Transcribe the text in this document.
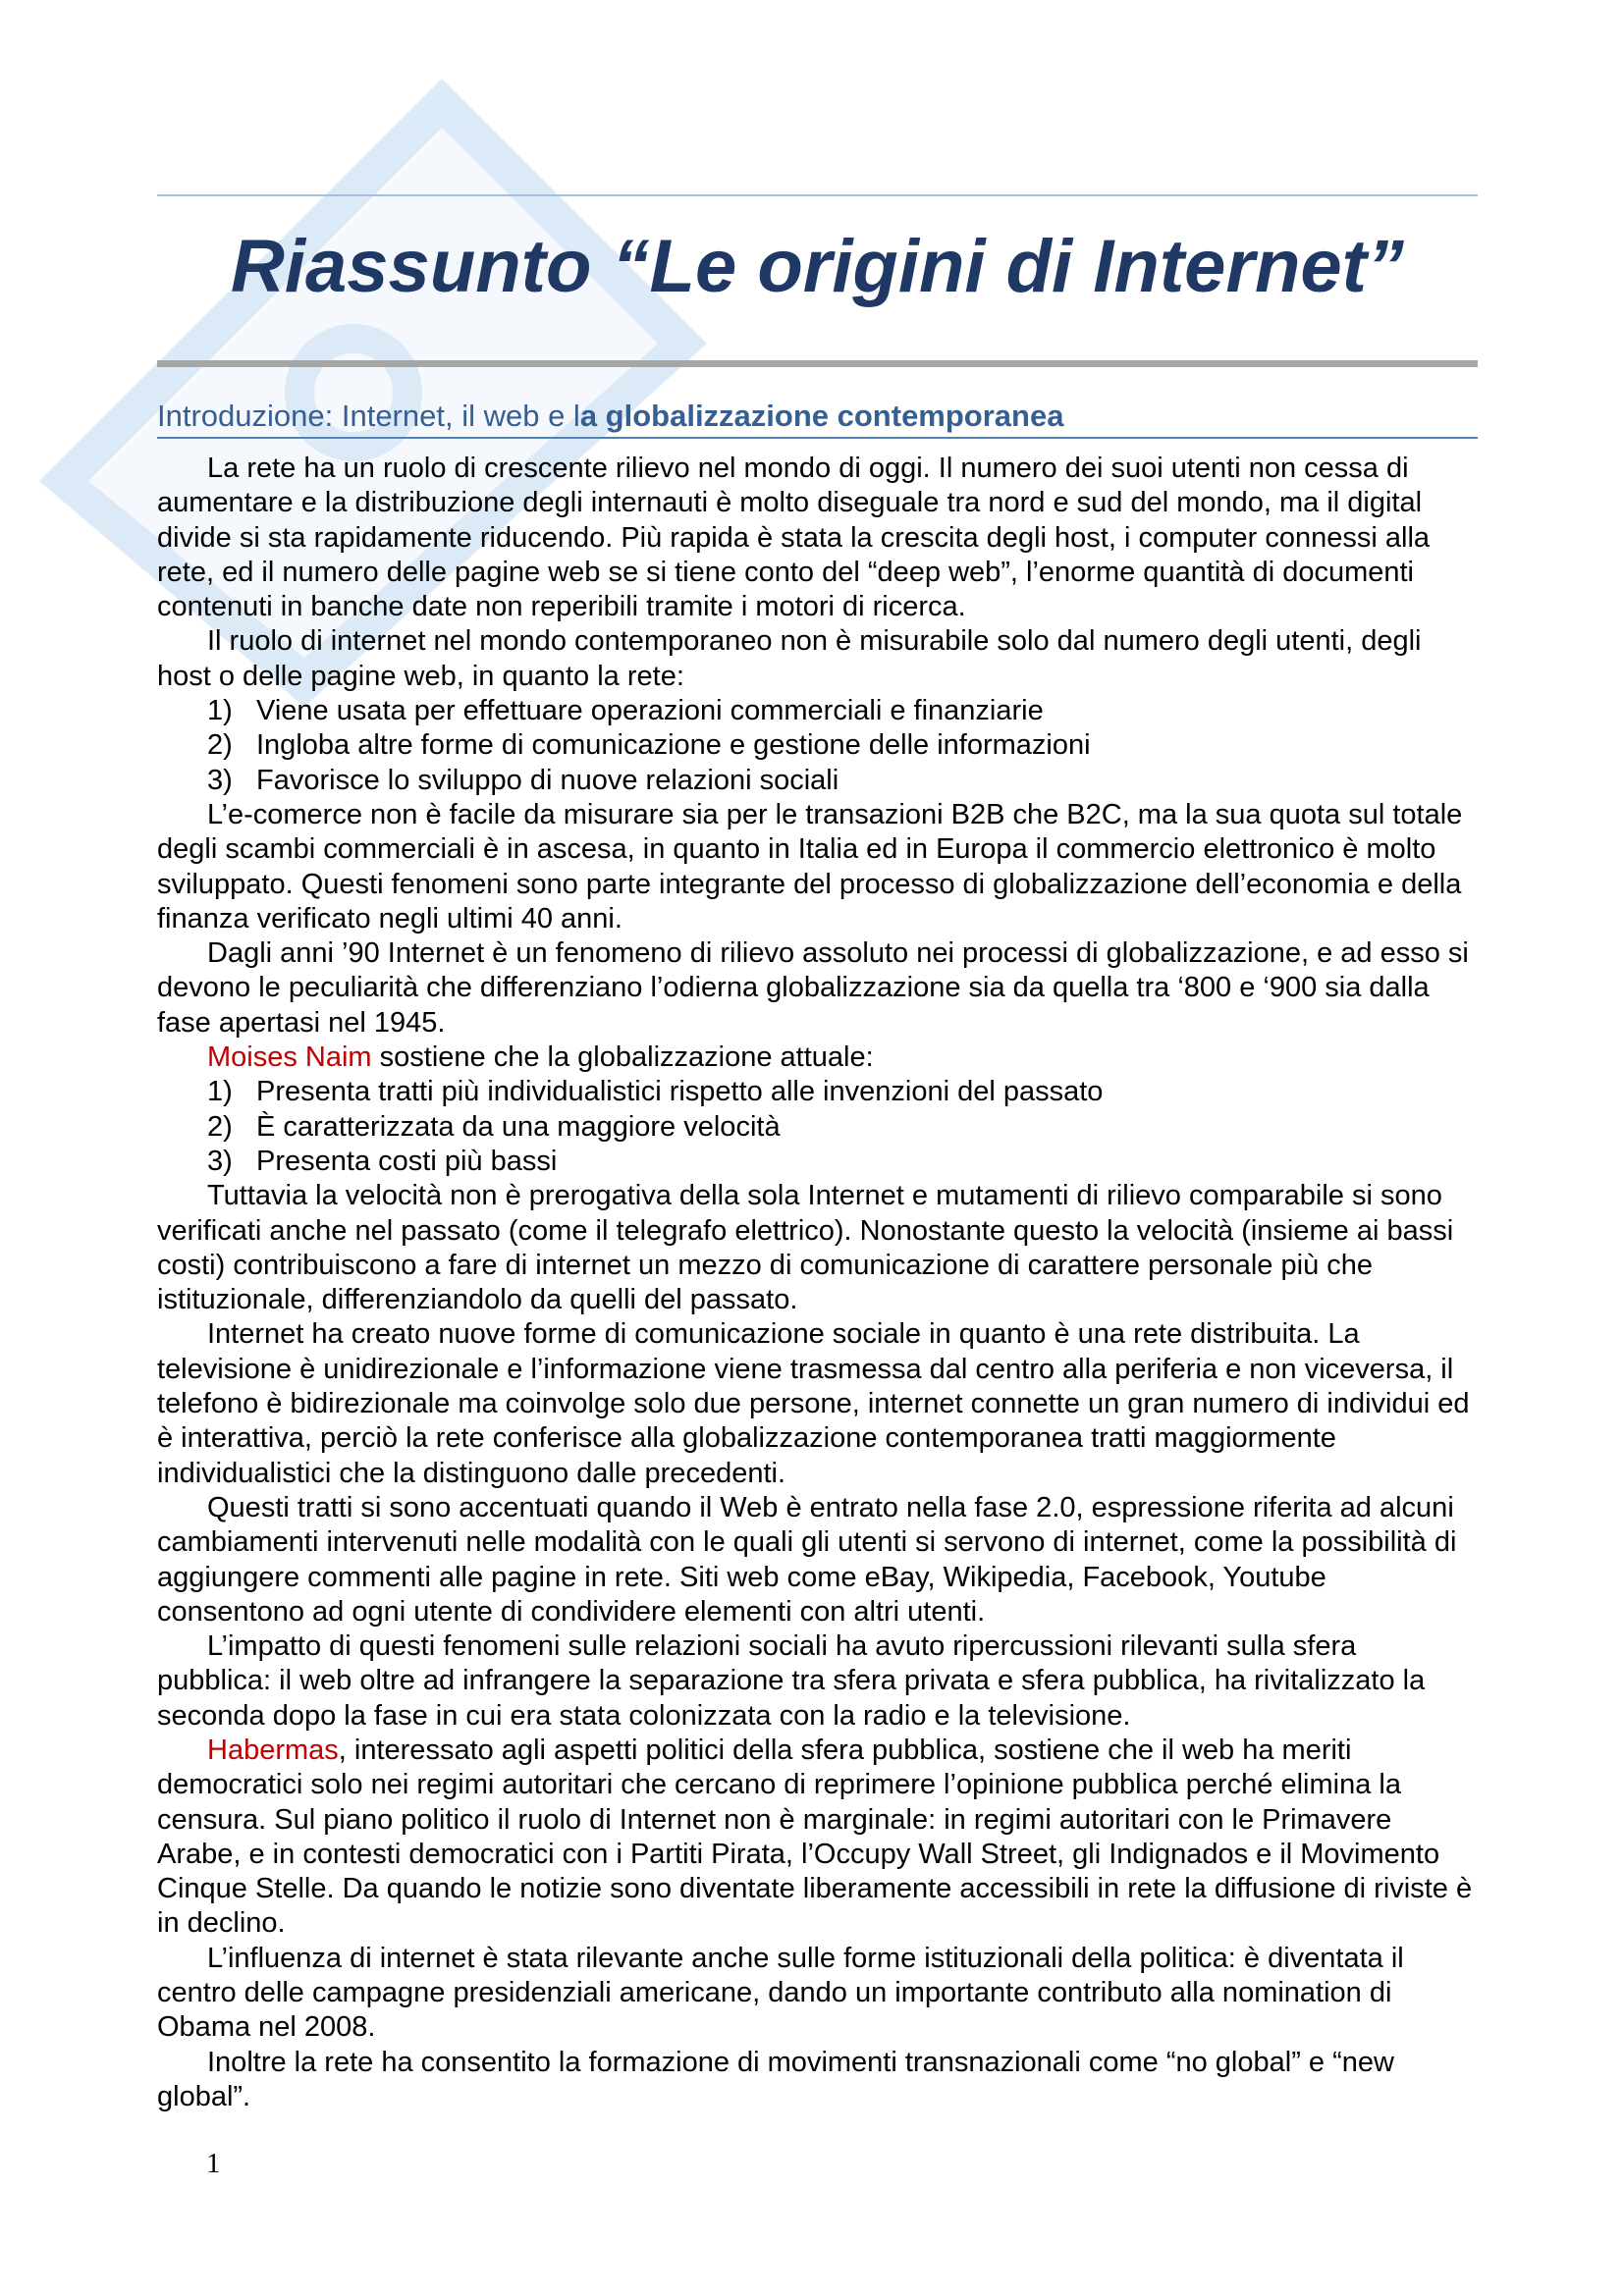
Riassunto “Le origini di Internet”
Introduzione: Internet, il web e la globalizzazione contemporanea

La rete ha un ruolo di crescente rilievo nel mondo di oggi. Il numero dei suoi utenti non cessa di aumentare e la distribuzione degli internauti è molto diseguale tra nord e sud del mondo, ma il digital divide si sta rapidamente riducendo. Più rapida è stata la crescita degli host, i computer connessi alla rete, ed il numero delle pagine web se si tiene conto del “deep web”, l’enorme quantità di documenti contenuti in banche date non reperibili tramite i motori di ricerca.

Il ruolo di internet nel mondo contemporaneo non è misurabile solo dal numero degli utenti, degli host o delle pagine web, in quanto la rete:

1) Viene usata per effettuare operazioni commerciali e finanziarie
2) Ingloba altre forme di comunicazione e gestione delle informazioni
3) Favorisce lo sviluppo di nuove relazioni sociali

L’e-comerce non è facile da misurare sia per le transazioni B2B che B2C, ma la sua quota sul totale degli scambi commerciali è in ascesa, in quanto in Italia ed in Europa il commercio elettronico è molto sviluppato. Questi fenomeni sono parte integrante del processo di globalizzazione dell’economia e della finanza verificato negli ultimi 40 anni.

Dagli anni ’90 Internet è un fenomeno di rilievo assoluto nei processi di globalizzazione, e ad esso si devono le peculiarità che differenziano l’odierna globalizzazione sia da quella tra ‘800 e ‘900 sia dalla fase apertasi nel 1945.

Moises Naim sostiene che la globalizzazione attuale:

1) Presenta tratti più individualistici rispetto alle invenzioni del passato
2) È caratterizzata da una maggiore velocità
3) Presenta costi più bassi

Tuttavia la velocità non è prerogativa della sola Internet e mutamenti di rilievo comparabile si sono verificati anche nel passato (come il telegrafo elettrico). Nonostante questo la velocità (insieme ai bassi costi) contribuiscono a fare di internet un mezzo di comunicazione di carattere personale più che istituzionale, differenziandolo da quelli del passato.

Internet ha creato nuove forme di comunicazione sociale in quanto è una rete distribuita. La televisione è unidirezionale e l’informazione viene trasmessa dal centro alla periferia e non viceversa, il telefono è bidirezionale ma coinvolge solo due persone, internet connette un gran numero di individui ed è interattiva, perciò la rete conferisce alla globalizzazione contemporanea tratti maggiormente individualistici che la distinguono dalle precedenti.

Questi tratti si sono accentuati quando il Web è entrato nella fase 2.0, espressione riferita ad alcuni cambiamenti intervenuti nelle modalità con le quali gli utenti si servono di internet, come la possibilità di aggiungere commenti alle pagine in rete. Siti web come eBay, Wikipedia, Facebook, Youtube consentono ad ogni utente di condividere elementi con altri utenti.

L’impatto di questi fenomeni sulle relazioni sociali ha avuto ripercussioni rilevanti sulla sfera pubblica: il web oltre ad infrangere la separazione tra sfera privata e sfera pubblica, ha rivitalizzato la seconda dopo la fase in cui era stata colonizzata con la radio e la televisione.

Habermas, interessato agli aspetti politici della sfera pubblica, sostiene che il web ha meriti democratici solo nei regimi autoritari che cercano di reprimere l’opinione pubblica perché elimina la censura. Sul piano politico il ruolo di Internet non è marginale: in regimi autoritari con le Primavere Arabe, e in contesti democratici con i Partiti Pirata, l’Occupy Wall Street, gli Indignados e il Movimento Cinque Stelle. Da quando le notizie sono diventate liberamente accessibili in rete la diffusione di riviste è in declino.

L’influenza di internet è stata rilevante anche sulle forme istituzionali della politica: è diventata il centro delle campagne presidenziali americane, dando un importante contributo alla nomination di Obama nel 2008.

Inoltre la rete ha consentito la formazione di movimenti transnazionali come “no global” e “new global”.

1
